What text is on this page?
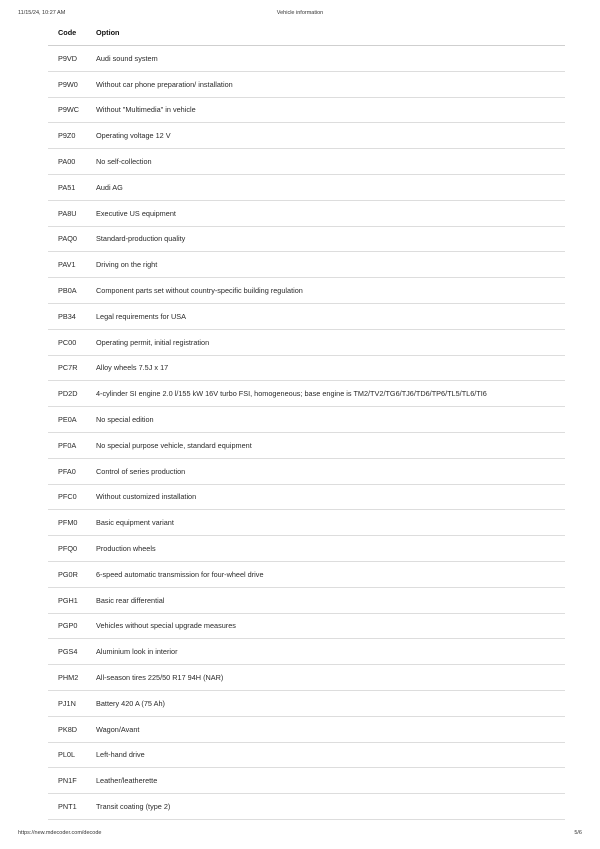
11/15/24, 10:27 AM	Vehicle information
Code	Option
P9VD	Audi sound system
P9W0	Without car phone preparation/ installation
P9WC	Without "Multimedia" in vehicle
P9Z0	Operating voltage 12 V
PA00	No self-collection
PA51	Audi AG
PA8U	Executive US equipment
PAQ0	Standard-production quality
PAV1	Driving on the right
PB0A	Component parts set without country-specific building regulation
PB34	Legal requirements for USA
PC00	Operating permit, initial registration
PC7R	Alloy wheels 7.5J x 17
PD2D	4-cylinder SI engine 2.0 l/155 kW 16V turbo FSI, homogeneous; base engine is TM2/TV2/TG6/TJ6/TD6/TP6/TL5/TL6/TI6
PE0A	No special edition
PF0A	No special purpose vehicle, standard equipment
PFA0	Control of series production
PFC0	Without customized installation
PFM0	Basic equipment variant
PFQ0	Production wheels
PG0R	6-speed automatic transmission for four-wheel drive
PGH1	Basic rear differential
PGP0	Vehicles without special upgrade measures
PGS4	Aluminium look in interior
PHM2	All-season tires 225/50 R17 94H (NAR)
PJ1N	Battery 420 A (75 Ah)
PK8D	Wagon/Avant
PL0L	Left-hand drive
PN1F	Leather/leatherette
PNT1	Transit coating (type 2)
https://new.mdecoder.com/decode	5/6
